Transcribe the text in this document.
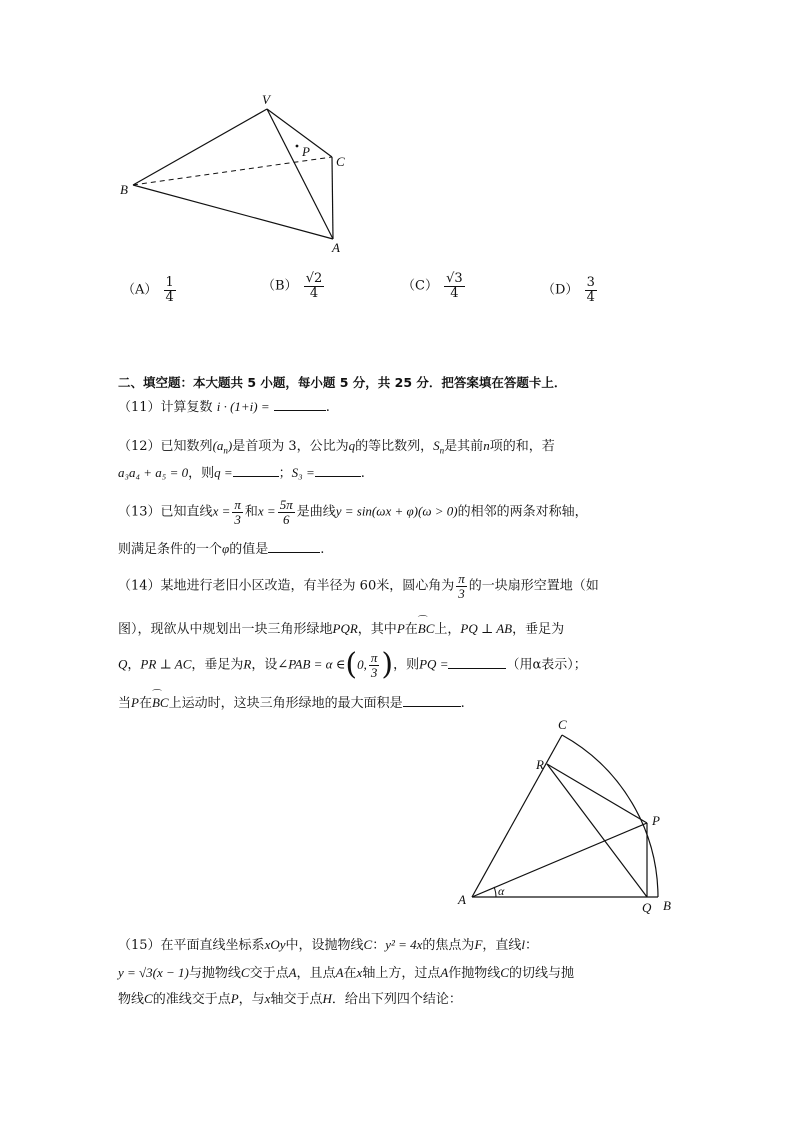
V
P
C
B
A
$(A) \frac{1}{4}$	$(B) \frac{√2}{4}$	$(C) \frac{√3}{4}$	$(D) \frac{3}{4}$
二、填空题：本大题共 5 小题，每小题 5 分，共 25 分．把答案填在答题卡上．
（11）计算复数 i · (1+i) =	.
（12）已知数列$(a_n)$是首项为 3，公比为q的等比数列，$S_n$是其前n项的和，若
a₃a₄ + a₅ = 0，则q =	；S₃ =	.
（13）已知直线$x = \frac{\pi}{3}$ 和$x = \frac{5\pi}{6}$ 是曲线y = sin(ωx + φ)(ω > 0)的相邻的两条对称轴，
则满足条件的一个φ的值是	.
（14）某地进行老旧小区改造，有半径为 60米，圆心角为 $\frac{\pi}{3}$ 的一块扇形空置地（如
图），现欲从中规划出一块三角形绿地PQR，其中P在⌒ BC上，PQ ⊥ AB，垂足为
Q，PR ⊥ AC，垂足为R，设∠PAB = α ∈ ( 0, $\frac{\pi}{3}$ ) ，则PQ =	（用α表示）；
当P在⌒ BC上运动时，这块三角形绿地的最大面积是	.
C
R
P
A
α
Q B
（15）在平面直线坐标系xOy中，设抛物线C：y² = 4x的焦点为F，直线l：
y = √3(x − 1)与抛物线C交于点A，且点A在x轴上方，过点A作抛物线C的切线与抛
物线C的准线交于点P，与x轴交于点H．给出下列四个结论：
